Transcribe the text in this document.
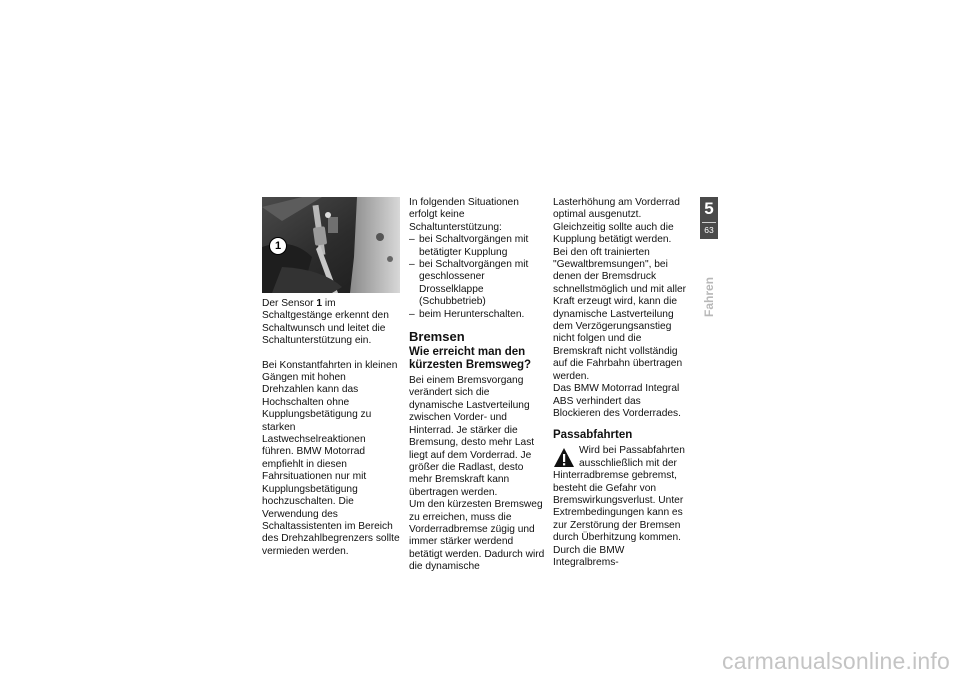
1

Der Sensor 1 im Schaltgestänge erkennt den Schaltwunsch und leitet die Schaltunterstützung ein.

Bei Konstantfahrten in kleinen Gängen mit hohen Drehzahlen kann das Hochschalten ohne Kupplungsbetätigung zu starken Lastwechselreaktionen führen. BMW Motorrad empfiehlt in diesen Fahrsituationen nur mit Kupplungsbetätigung hochzuschalten. Die Verwendung des Schaltassistenten im Bereich des Drehzahlbegrenzers sollte vermieden werden.

In folgenden Situationen erfolgt keine Schaltunterstützung:

– bei Schaltvorgängen mit betätigter Kupplung
– bei Schaltvorgängen mit geschlossener Drosselklappe (Schubbetrieb)
– beim Herunterschalten.
Bremsen
Wie erreicht man den kürzesten Bremsweg?

Bei einem Bremsvorgang verändert sich die dynamische Lastverteilung zwischen Vorder- und Hinterrad. Je stärker die Bremsung, desto mehr Last liegt auf dem Vorderrad. Je größer die Radlast, desto mehr Bremskraft kann übertragen werden.

Um den kürzesten Bremsweg zu erreichen, muss die Vorderradbremse zügig und immer stärker werdend betätigt werden. Dadurch wird die dynamische

Lasterhöhung am Vorderrad optimal ausgenutzt. Gleichzeitig sollte auch die Kupplung betätigt werden. Bei den oft trainierten "Gewaltbremsungen", bei denen der Bremsdruck schnellstmöglich und mit aller Kraft erzeugt wird, kann die dynamische Lastverteilung dem Verzögerungsanstieg nicht folgen und die Bremskraft nicht vollständig auf die Fahrbahn übertragen werden.

Das BMW Motorrad Integral ABS verhindert das Blockieren des Vorderrades.

Passabfahrten
Wird bei Passabfahrten ausschließlich mit der Hinterradbremse gebremst, besteht die Gefahr von Bremswirkungsverlust. Unter Extrembedingungen kann es zur Zerstörung der Bremsen durch Überhitzung kommen.

Durch die BMW Integralbrems-

5
63
Fahren
carmanualsonline.info
